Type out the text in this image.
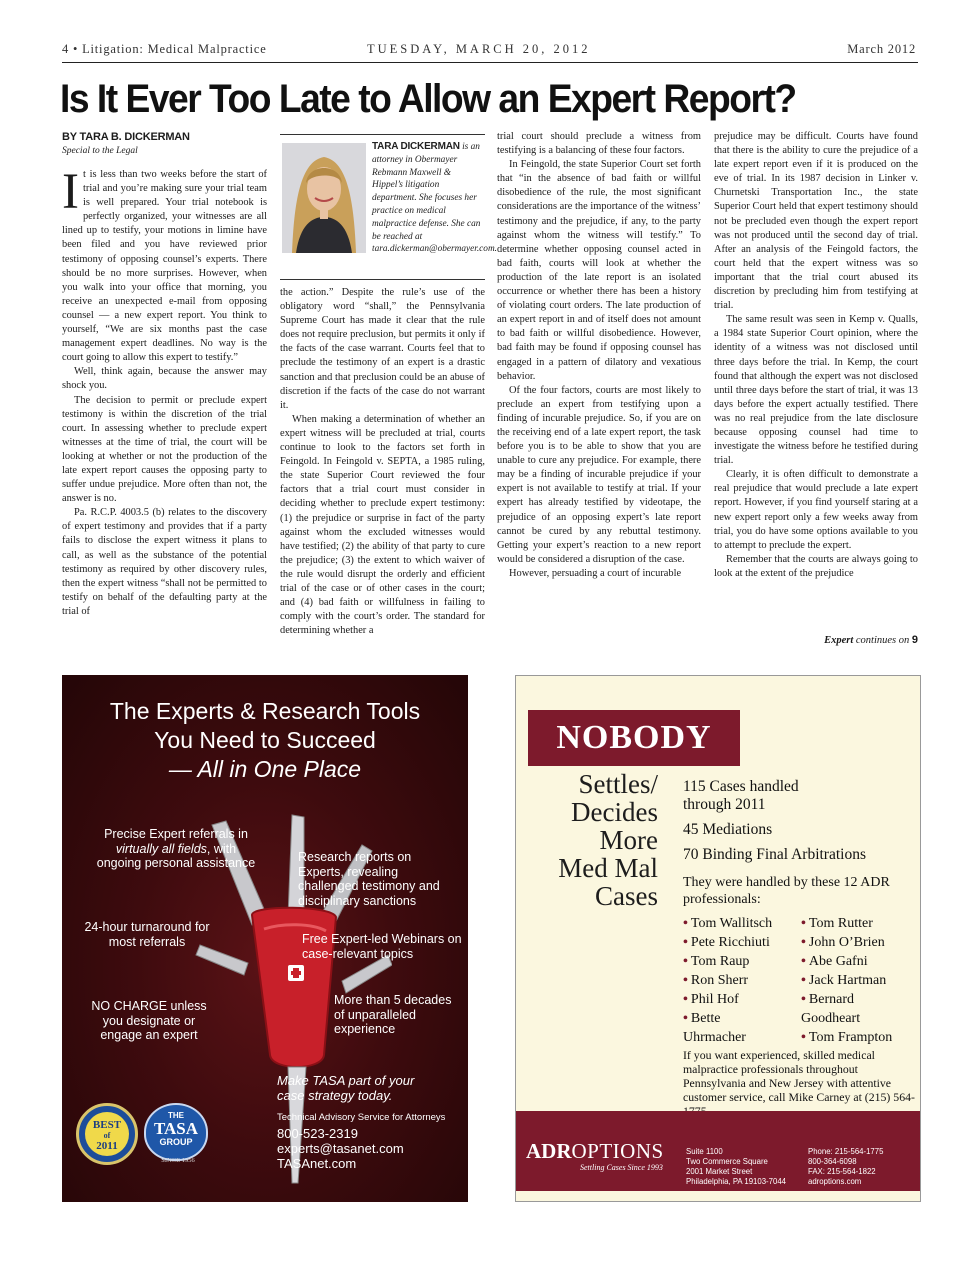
4 • Litigation: Medical Malpractice	TUESDAY, MARCH 20, 2012	March 2012
Is It Ever Too Late to Allow an Expert Report?
BY TARA B. DICKERMAN
Special to the Legal

It is less than two weeks before the start of trial and you’re making sure your trial team is well prepared. Your trial notebook is perfectly organized, your witnesses are all lined up to testify, your motions in limine have been filed and you have reviewed prior testimony of opposing counsel’s experts. There should be no more surprises. However, when you walk into your office that morning, you receive an unexpected e-mail from opposing counsel — a new expert report. You think to yourself, “We are six months past the case management expert deadlines. No way is the court going to allow this expert to testify.”

Well, think again, because the answer may shock you.

The decision to permit or preclude expert testimony is within the discretion of the trial court. In assessing whether to preclude expert witnesses at the time of trial, the court will be looking at whether or not the production of the late expert report causes the opposing party to suffer undue prejudice. More often than not, the answer is no.

Pa. R.C.P. 4003.5 (b) relates to the discovery of expert testimony and provides that if a party fails to disclose the expert witness it plans to call, as well as the substance of the potential testimony as required by other discovery rules, then the expert witness “shall not be permitted to testify on behalf of the defaulting party at the trial of

TARA DICKERMAN is an attorney in Obermayer Rebmann Maxwell & Hippel’s litigation department. She focuses her practice on medical malpractice defense. She can be reached at tara.dickerman@obermayer.com.

the action.” Despite the rule’s use of the obligatory word “shall,” the Pennsylvania Supreme Court has made it clear that the rule does not require preclusion, but permits it only if the facts of the case warrant. Courts feel that to preclude the testimony of an expert is a drastic sanction and that preclusion could be an abuse of discretion if the facts of the case do not warrant it.

When making a determination of whether an expert witness will be precluded at trial, courts continue to look to the factors set forth in Feingold. In Feingold v. SEPTA, a 1985 ruling, the state Superior Court reviewed the four factors that a trial court must consider in deciding whether to preclude expert testimony: (1) the prejudice or surprise in fact of the party against whom the excluded witnesses would have testified; (2) the ability of that party to cure the prejudice; (3) the extent to which waiver of the rule would disrupt the orderly and efficient trial of the case or of other cases in the court; and (4) bad faith or willfulness in failing to comply with the court’s order. The standard for determining whether a

trial court should preclude a witness from testifying is a balancing of these four factors.

In Feingold, the state Superior Court set forth that “in the absence of bad faith or willful disobedience of the rule, the most significant considerations are the importance of the witness’ testimony and the prejudice, if any, to the party against whom the witness will testify.” To determine whether opposing counsel acted in bad faith, courts will look at whether the production of the late report is an isolated occurrence or whether there has been a history of violating court orders. The late production of an expert report in and of itself does not amount to bad faith or willful disobedience. However, bad faith may be found if opposing counsel has engaged in a pattern of dilatory and vexatious behavior.

Of the four factors, courts are most likely to preclude an expert from testifying upon a finding of incurable prejudice. So, if you are on the receiving end of a late expert report, the task before you is to be able to show that you are unable to cure any prejudice. For example, there may be a finding of incurable prejudice if your expert is not available to testify at trial. If your expert has already testified by videotape, the prejudice of an opposing expert’s late report cannot be cured by any rebuttal testimony. Getting your expert’s reaction to a new report would be considered a disruption of the case.

However, persuading a court of incurable

prejudice may be difficult. Courts have found that there is the ability to cure the prejudice of a late expert report even if it is produced on the eve of trial. In its 1987 decision in Linker v. Churnetski Transportation Inc., the state Superior Court held that expert testimony should not be precluded even though the expert report was not produced until the second day of trial. After an analysis of the Feingold factors, the court held that the expert witness was so important that the trial court abused its discretion by precluding him from testifying at trial.

The same result was seen in Kemp v. Qualls, a 1984 state Superior Court opinion, where the identity of a witness was not disclosed until three days before the trial. In Kemp, the court found that although the expert was not disclosed until three days before the start of trial, it was 13 days before the expert actually testified. There was no real prejudice from the late disclosure because opposing counsel had time to investigate the witness before he testified during trial.

Clearly, it is often difficult to demonstrate a real prejudice that would preclude a late expert report. However, if you find yourself staring at a new expert report only a few weeks away from trial, you do have some options available to you to attempt to preclude the expert.

Remember that the courts are always going to look at the extent of the prejudice

Expert continues on 9
The Experts & Research Tools
You Need to Succeed
— All in One Place
Precise Expert referrals in virtually all fields, with ongoing personal assistance
24-hour turnaround for most referrals
NO CHARGE unless you designate or engage an expert
Research reports on Experts, revealing challenged testimony and disciplinary sanctions
Free Expert-led Webinars on case-relevant topics
More than 5 decades of unparalleled experience
Make TASA part of your case strategy today.
Technical Advisory Service for Attorneys
800-523-2319
experts@tasanet.com
TASAnet.com
BEST
of
2011
THE
TASA
GROUP
SINCE 1956
NOBODY
Settles/
Decides
More
Med Mal
Cases
115 Cases handled
through 2011
45 Mediations
70 Binding Final Arbitrations
They were handled by these 12 ADR professionals:
• Tom Wallitsch
• Pete Ricchiuti
• Tom Raup
• Ron Sherr
• Phil Hof
• Bette Uhrmacher
• Tom Rutter
• John O’Brien
• Abe Gafni
• Jack Hartman
• Bernard Goodheart
• Tom Frampton
If you want experienced, skilled medical malpractice professionals throughout Pennsylvania and New Jersey with attentive customer service, call Mike Carney at (215) 564-
ADROPTIONS
Settling Cases Since 1993
Suite 1100
Two Commerce Square
2001 Market Street
Philadelphia, PA 19103-7044
Phone: 215-564-1775
800-364-6098
FAX: 215-564-1822
adroptions.com
